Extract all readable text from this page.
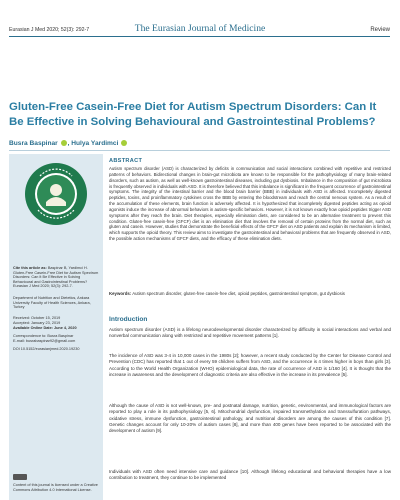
Eurasian J Med 2020; 52(3): 292-7	The Eurasian Journal of Medicine	Review
Gluten-Free Casein-Free Diet for Autism Spectrum Disorders: Can It Be Effective in Solving Behavioural and Gastrointestinal Problems?
Busra Baspinar , Hulya Yardimci
Cite this article as: Baspinar B, Yardimci H. Gluten-Free Casein-Free Diet for Autism Spectrum Disorders: Can It Be Effective in Solving Behavioural and Gastrointestinal Problems? Eurasian J Med 2020; 52(3): 292-7.
Department of Nutrition and Dietetics, Ankara University Faculty of Health Sciences, Ankara, Turkey
Received: October 15, 2019
Accepted: January 23, 2019
Available Online Date: June 4, 2020
Correspondence to: Busra Baspinar
E-mail: busrabaspinar92@gmail.com
DOI 10.5152/eurasianjmed.2020.19230
Content of this journal is licensed under a Creative Commons Attribution 4.0 International License.
ABSTRACT
Autism spectrum disorder (ASD) is characterized by deficits in communication and social interactions combined with repetitive and restricted patterns of behaviors. Bidirectional changes in brain-gut microbiota are known to be responsible for the pathophysiology of many brain-related disorders, such as autism, as well as well-known gastrointestinal diseases, including gut dysbiosis. Imbalance in the composition of gut microbiota is frequently observed in individuals with ASD. It is therefore believed that this imbalance is significant in the frequent occurrence of gastrointestinal symptoms. The integrity of the intestinal barrier and the blood brain barrier (BBB) in individuals with ASD is affected. Incompletely digested peptides, toxins, and proinflammatory cytokines cross the BBB by entering the bloodstream and reach the central nervous system. As a result of the accumulation of these elements, brain function is adversely affected. It is hypothesized that incompletely digested peptides acting as opioid agonists induce the increase of abnormal behaviors in autism-specific behaviors. However, it is not known exactly how opioid peptides trigger ASD symptoms after they reach the brain. Diet therapies, especially elimination diets, are considered to be an alternative treatment to prevent this condition. Gluten-free casein-free (GFCF) diet is an elimination diet that involves the removal of certain proteins from the normal diet, such as gluten and casein. However, studies that demonstrate the beneficial effects of the GFCF diet on ASD patients and explain its mechanism is limited, which supports the opioid theory. This review aims to investigate the gastrointestinal and behavioral problems that are frequently observed in ASD, the possible action mechanisms of GFCF diets, and the efficacy of these elimination diets.
Keywords: Autism spectrum disorder, gluten-free casein-free diet, opioid peptides, gastrointestinal symptom, gut dysbiosis
Introduction
Autism spectrum disorder (ASD) is a lifelong neurodevelopmental disorder characterized by difficulty in social interactions and verbal and nonverbal communication along with restricted and repetitive movement patterns [1].
The incidence of ASD was 3-4 in 10,000 cases in the 1980s [2]; however, a recent study conducted by the Center for Disease Control and Prevention (CDC) has reported that 1 out of every 59 children suffers from ASD, and the occurrence is 4 times higher in boys than girls [3]. According to the World Health Organization (WHO) epidemiological data, the rate of occurrence of ASD is 1/160 [4]. It is thought that the increase in awareness and the development of diagnostic criteria are also effective in the increase in its prevalence [5].
Although the cause of ASD is not well-known, pre- and postnatal damage, nutrition, genetic, environmental, and immunological factors are reported to play a role in its pathophysiology [5, 6]. Mitochondrial dysfunction, impaired transmethylation and transsulfuration pathways, oxidative stress, immune dysfunction, gastrointestinal pathology, and nutritional disorders are among the causes of this condition [7]. Genetic changes account for only 10-20% of autism cases [8], and more than 400 genes have been reported to be associated with the development of autism [9].
Individuals with ASD often need intensive care and guidance [10]. Although lifelong educational and behavioral therapies have a low contribution to treatment, they continue to be implemented
